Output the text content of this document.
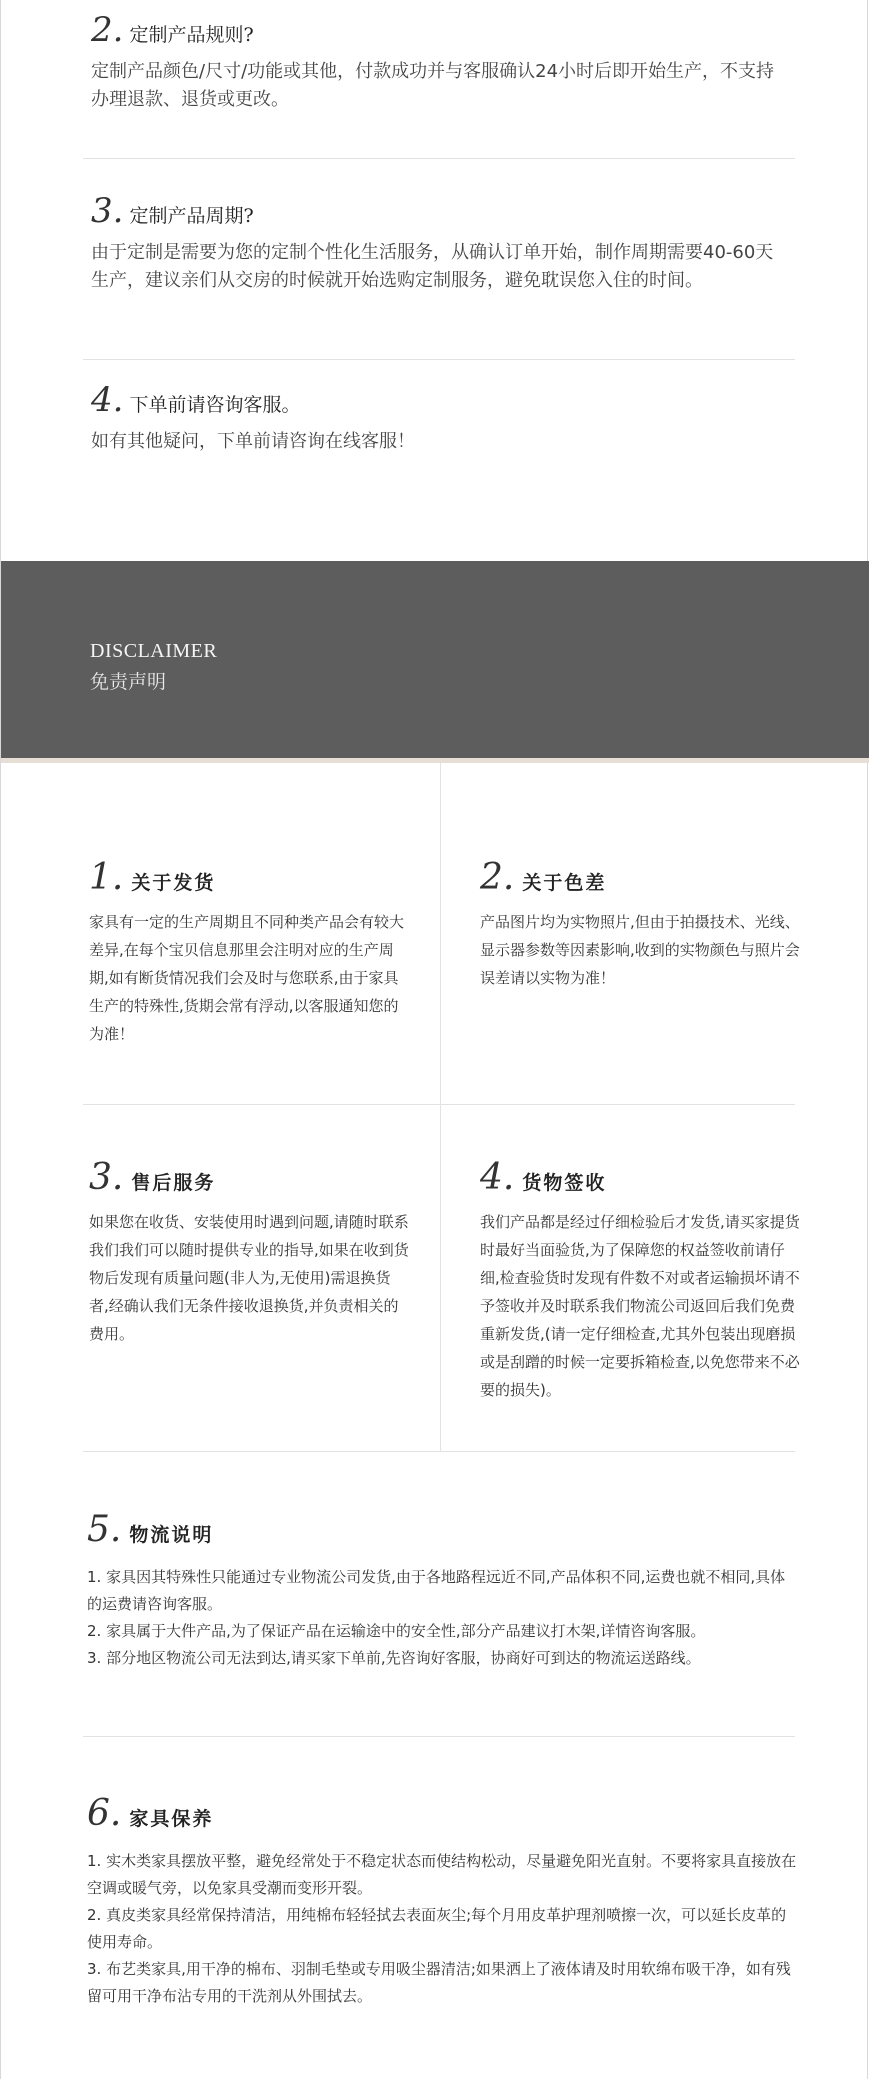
2. 定制产品规则?
定制产品颜色/尺寸/功能或其他，付款成功并与客服确认24小时后即开始生产，不支持办理退款、退货或更改。
3. 定制产品周期?
由于定制是需要为您的定制个性化生活服务，从确认订单开始，制作周期需要40-60天生产，建议亲们从交房的时候就开始选购定制服务，避免耽误您入住的时间。
4. 下单前请咨询客服。
如有其他疑问，下单前请咨询在线客服！
DISCLAIMER
免责声明
1. 关于发货
家具有一定的生产周期且不同种类产品会有较大差异,在每个宝贝信息那里会注明对应的生产周期,如有断货情况我们会及时与您联系,由于家具生产的特殊性,货期会常有浮动,以客服通知您的为准！
2. 关于色差
产品图片均为实物照片,但由于拍摄技术、光线、显示器参数等因素影响,收到的实物颜色与照片会误差请以实物为准！
3. 售后服务
如果您在收货、安装使用时遇到问题,请随时联系我们我们可以随时提供专业的指导,如果在收到货物后发现有质量问题(非人为,无使用)需退换货者,经确认我们无条件接收退换货,并负责相关的费用。
4. 货物签收
我们产品都是经过仔细检验后才发货,请买家提货时最好当面验货,为了保障您的权益签收前请仔细,检查验货时发现有件数不对或者运输损坏请不予签收并及时联系我们物流公司返回后我们免费重新发货,(请一定仔细检查,尤其外包装出现磨损或是刮蹭的时候一定要拆箱检查,以免您带来不必要的损失)。
5. 物流说明
1. 家具因其特殊性只能通过专业物流公司发货,由于各地路程远近不同,产品体积不同,运费也就不相同,具体的运费请咨询客服。
2. 家具属于大件产品,为了保证产品在运输途中的安全性,部分产品建议打木架,详情咨询客服。
3. 部分地区物流公司无法到达,请买家下单前,先咨询好客服，协商好可到达的物流运送路线。
6. 家具保养
1. 实木类家具摆放平整，避免经常处于不稳定状态而使结构松动，尽量避免阳光直射。不要将家具直接放在空调或暖气旁，以免家具受潮而变形开裂。
2. 真皮类家具经常保持清洁，用纯棉布轻轻拭去表面灰尘;每个月用皮革护理剂喷擦一次，可以延长皮革的使用寿命。
3. 布艺类家具,用干净的棉布、羽制毛垫或专用吸尘器清洁;如果洒上了液体请及时用软绵布吸干净，如有残留可用干净布沾专用的干洗剂从外围拭去。
